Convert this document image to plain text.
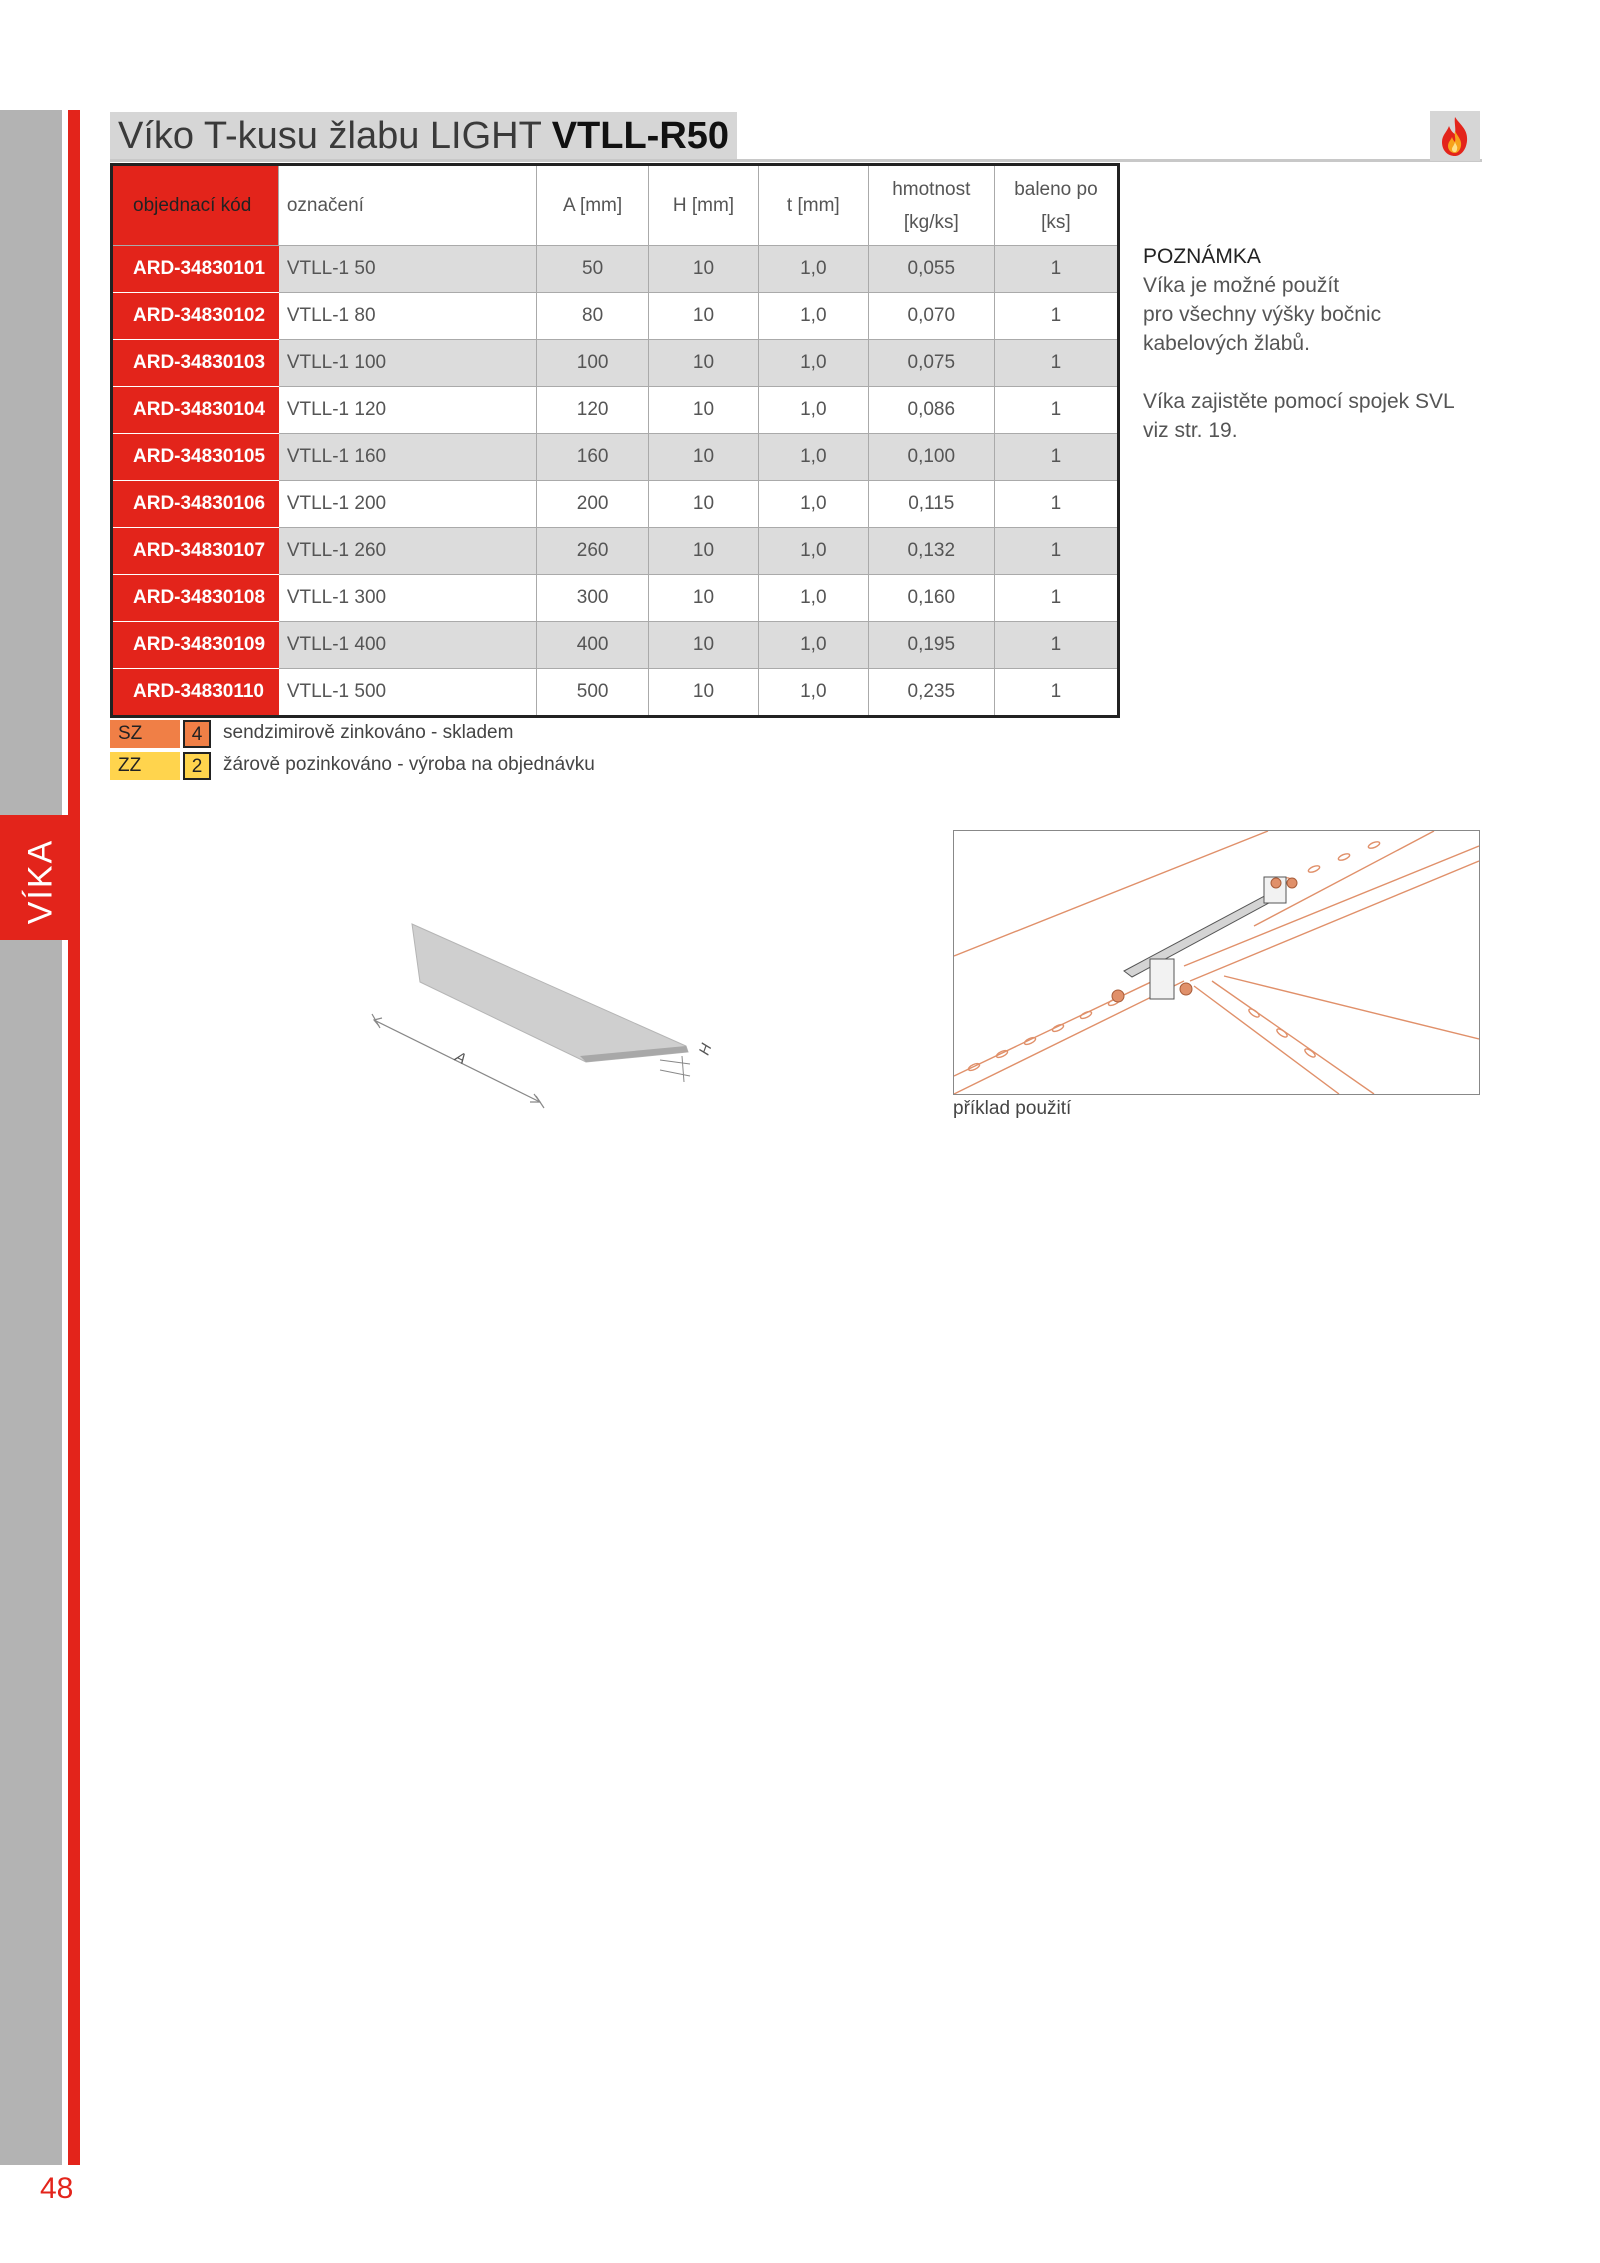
VÍKA
48
Víko T-kusu žlabu LIGHT VTLL-R50
objednací kód	označení	A [mm]	H [mm]	t [mm]	hmotnost
[kg/ks]	baleno po
[ks]
ARD-34830101	VTLL-1 50	50	10	1,0	0,055	1
ARD-34830102	VTLL-1 80	80	10	1,0	0,070	1
ARD-34830103	VTLL-1 100	100	10	1,0	0,075	1
ARD-34830104	VTLL-1 120	120	10	1,0	0,086	1
ARD-34830105	VTLL-1 160	160	10	1,0	0,100	1
ARD-34830106	VTLL-1 200	200	10	1,0	0,115	1
ARD-34830107	VTLL-1 260	260	10	1,0	0,132	1
ARD-34830108	VTLL-1 300	300	10	1,0	0,160	1
ARD-34830109	VTLL-1 400	400	10	1,0	0,195	1
ARD-34830110	VTLL-1 500	500	10	1,0	0,235	1
SZ	4	sendzimirově zinkováno - skladem
ZZ	2	žárově pozinkováno - výroba na objednávku

POZNÁMKA

Víka je možné použít

pro všechny výšky bočnic

kabelových žlabů.

Víka zajistěte pomocí spojek SVL

viz str. 19.

A	H
příklad použití
